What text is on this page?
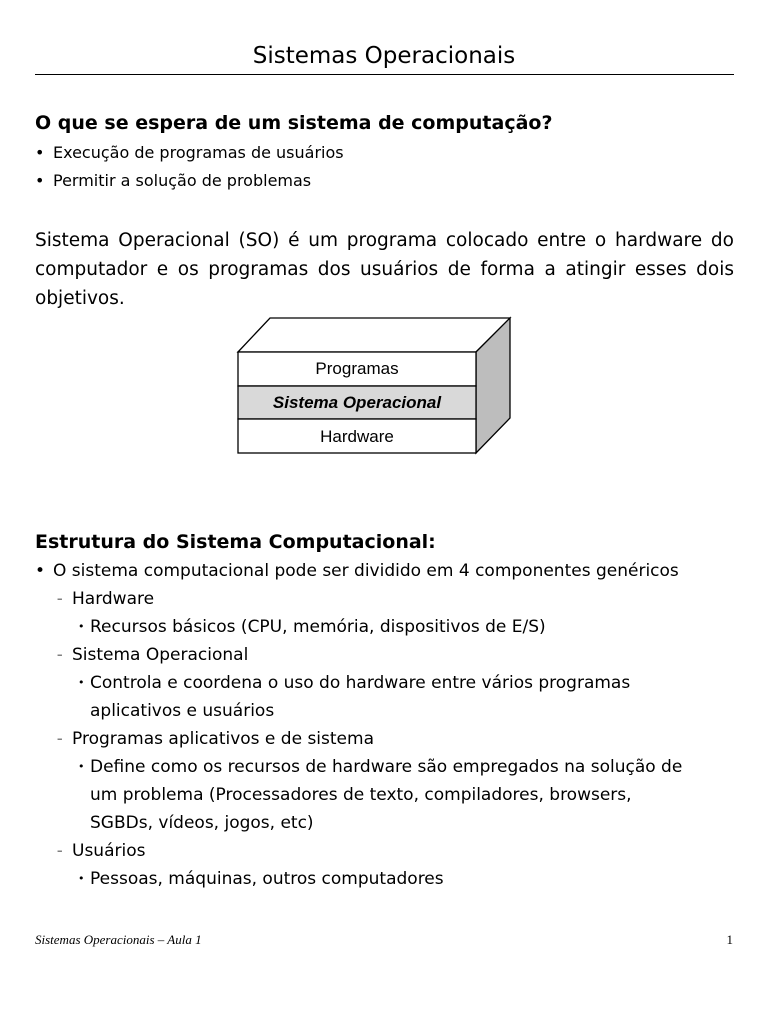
Sistemas Operacionais
O que se espera de um sistema de computação?
• Execução de programas de usuários
• Permitir a solução de problemas
Sistema Operacional (SO) é um programa colocado entre o hardware do computador e os programas dos usuários de forma a atingir esses dois objetivos.
Programas
Sistema Operacional
Hardware
Estrutura do Sistema Computacional:
• O sistema computacional pode ser dividido em 4 componentes genéricos
– Hardware
• Recursos básicos (CPU, memória, dispositivos de E/S)
– Sistema Operacional
• Controla e coordena o uso do hardware entre vários programas
aplicativos e usuários
– Programas aplicativos e de sistema
• Define como os recursos de hardware são empregados na solução de
um problema (Processadores de texto, compiladores, browsers,
SGBDs, vídeos, jogos, etc)
– Usuários
• Pessoas, máquinas, outros computadores
Sistemas Operacionais – Aula 1	1
